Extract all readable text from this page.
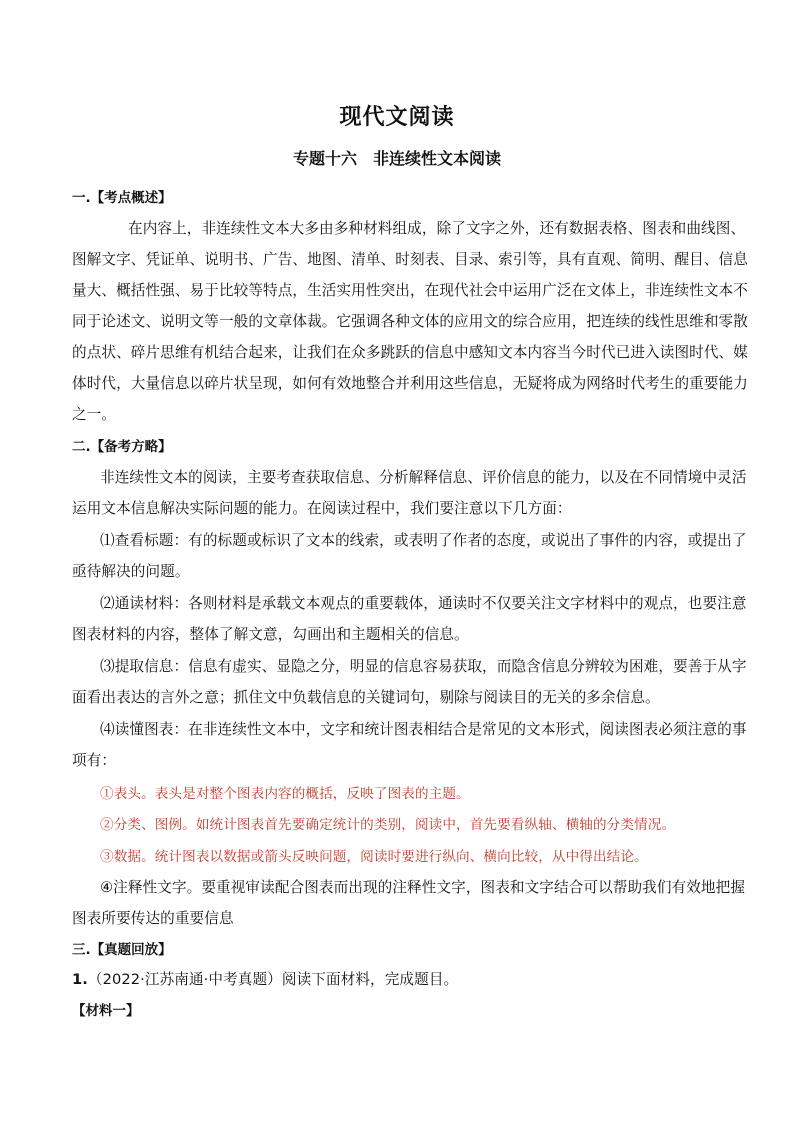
现代文阅读
专题十六　非连续性文本阅读
一.【考点概述】
在内容上，非连续性文本大多由多种材料组成，除了文字之外，还有数据表格、图表和曲线图、
图解文字、凭证单、说明书、广告、地图、清单、时刻表、目录、索引等，具有直观、简明、醒目、信息
量大、概括性强、易于比较等特点，生活实用性突出，在现代社会中运用广泛在文体上，非连续性文本不
同于论述文、说明文等一般的文章体裁。它强调各种文体的应用文的综合应用，把连续的线性思维和零散
的点状、碎片思维有机结合起来，让我们在众多跳跃的信息中感知文本内容当今时代已进入读图时代、媒
体时代，大量信息以碎片状呈现，如何有效地整合并利用这些信息，无疑将成为网络时代考生的重要能力
之一。
二.【备考方略】
非连续性文本的阅读，主要考查获取信息、分析解释信息、评价信息的能力，以及在不同情境中灵活
运用文本信息解决实际问题的能力。在阅读过程中，我们要注意以下几方面：
⑴查看标题：有的标题或标识了文本的线索，或表明了作者的态度，或说出了事件的内容，或提出了
亟待解决的问题。
⑵通读材料：各则材料是承载文本观点的重要载体，通读时不仅要关注文字材料中的观点，也要注意
图表材料的内容，整体了解文意，勾画出和主题相关的信息。
⑶提取信息：信息有虚实、显隐之分，明显的信息容易获取，而隐含信息分辨较为困难，要善于从字
面看出表达的言外之意；抓住文中负载信息的关键词句，剔除与阅读目的无关的多余信息。
⑷读懂图表：在非连续性文本中，文字和统计图表相结合是常见的文本形式，阅读图表必须注意的事
项有：
①表头。表头是对整个图表内容的概括，反映了图表的主题。
②分类、图例。如统计图表首先要确定统计的类别，阅读中，首先要看纵轴、横轴的分类情况。
③数据。统计图表以数据或箭头反映问题，阅读时要进行纵向、横向比较，从中得出结论。
④注释性文字。要重视审读配合图表而出现的注释性文字，图表和文字结合可以帮助我们有效地把握
图表所要传达的重要信息
三.【真题回放】
1.（2022·江苏南通·中考真题）阅读下面材料，完成题目。
【材料一】
